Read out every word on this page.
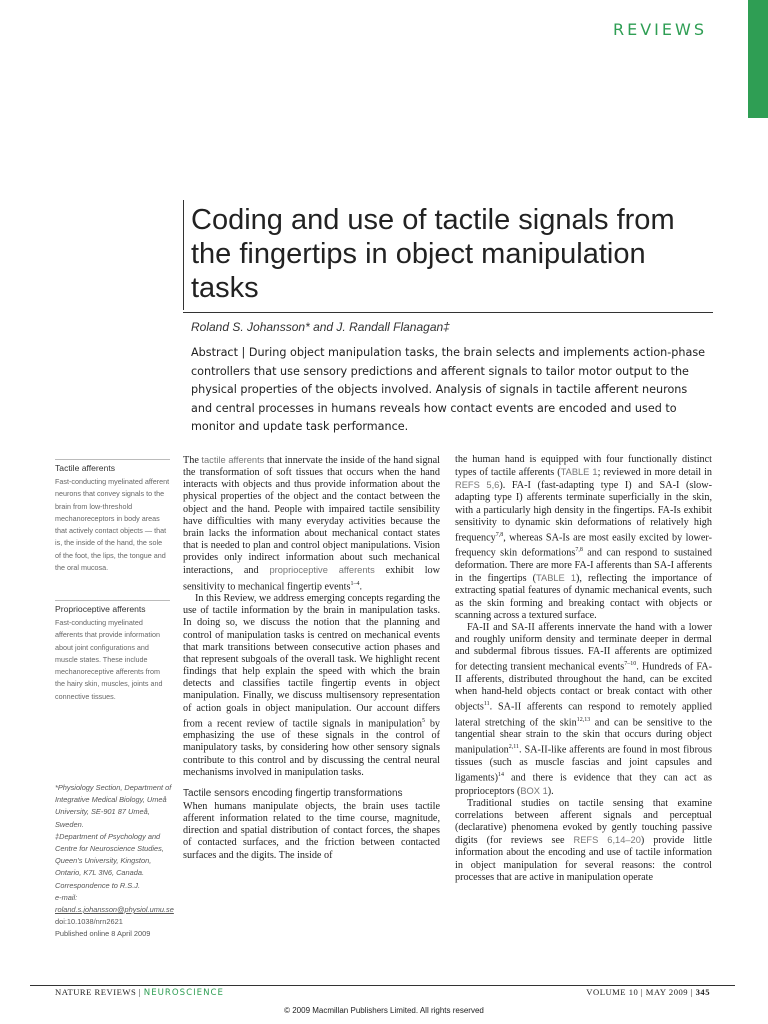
REVIEWS
Coding and use of tactile signals from the fingertips in object manipulation tasks
Roland S. Johansson* and J. Randall Flanagan‡
Abstract | During object manipulation tasks, the brain selects and implements action-phase controllers that use sensory predictions and afferent signals to tailor motor output to the physical properties of the objects involved. Analysis of signals in tactile afferent neurons and central processes in humans reveals how contact events are encoded and used to monitor and update task performance.
Tactile afferents
Fast-conducting myelinated afferent neurons that convey signals to the brain from low-threshold mechanoreceptors in body areas that actively contact objects — that is, the inside of the hand, the sole of the foot, the lips, the tongue and the oral mucosa.
Proprioceptive afferents
Fast-conducting myelinated afferents that provide information about joint configurations and muscle states. These include mechanoreceptive afferents from the hairy skin, muscles, joints and connective tissues.
*Physiology Section, Department of Integrative Medical Biology, Umeå University, SE-901 87 Umeå, Sweden.
‡Department of Psychology and Centre for Neuroscience Studies, Queen’s University, Kingston, Ontario, K7L 3N6, Canada.
Correspondence to R.S.J.
e-mail: roland.s.johansson@physiol.umu.se
doi:10.1038/nrn2621
Published online 8 April 2009

The tactile afferents that innervate the inside of the hand signal the transformation of soft tissues that occurs when the hand interacts with objects and thus provide information about the physical properties of the object and the contact between the object and the hand. People with impaired tactile sensibility have difficulties with many everyday activities because the brain lacks the information about mechanical contact states that is needed to plan and control object manipulations. Vision provides only indirect information about such mechanical interactions, and proprioceptive afferents exhibit low sensitivity to mechanical fingertip events$^{1-4}$.

In this Review, we address emerging concepts regarding the use of tactile information by the brain in manipulation tasks. In doing so, we discuss the notion that the planning and control of manipulation tasks is centred on mechanical events that mark transitions between consecutive action phases and that represent subgoals of the overall task. We highlight recent findings that help explain the speed with which the brain detects and classifies tactile fingertip events in object manipulation. Finally, we discuss multisensory representation of action goals in object manipulation. Our account differs from a recent review of tactile signals in manipulation$^5$ by emphasizing the use of these signals in the control of manipulatory tasks, by considering how other sensory signals contribute to this control and by discussing the central neural mechanisms involved in manipulation tasks.

Tactile sensors encoding fingertip transformations

When humans manipulate objects, the brain uses tactile afferent information related to the time course, magnitude, direction and spatial distribution of contact forces, the shapes of contacted surfaces, and the friction between contacted surfaces and the digits. The inside of

the human hand is equipped with four functionally distinct types of tactile afferents (TABLE 1; reviewed in more detail in REFS 5,6). FA-I (fast-adapting type I) and SA-I (slow-adapting type I) afferents terminate superficially in the skin, with a particularly high density in the fingertips. FA-Is exhibit sensitivity to dynamic skin deformations of relatively high frequency$^{7,8}$, whereas SA-Is are most easily excited by lower-frequency skin deformations$^{7,8}$ and can respond to sustained deformation. There are more FA-I afferents than SA-I afferents in the fingertips (TABLE 1), reflecting the importance of extracting spatial features of dynamic mechanical events, such as the skin forming and breaking contact with objects or scanning across a textured surface.

FA-II and SA-II afferents innervate the hand with a lower and roughly uniform density and terminate deeper in dermal and subdermal fibrous tissues. FA-II afferents are optimized for detecting transient mechanical events$^{7-10}$. Hundreds of FA-II afferents, distributed throughout the hand, can be excited when hand-held objects contact or break contact with other objects$^{11}$. SA-II afferents can respond to remotely applied lateral stretching of the skin$^{12,13}$ and can be sensitive to the tangential shear strain to the skin that occurs during object manipulation$^{2,11}$. SA-II-like afferents are found in most fibrous tissues (such as muscle fascias and joint capsules and ligaments)$^{14}$ and there is evidence that they can act as proprioceptors (BOX 1).

Traditional studies on tactile sensing that examine correlations between afferent signals and perceptual (declarative) phenomena evoked by gently touching passive digits (for reviews see REFS 6,14–20) provide little information about the encoding and use of tactile information in object manipulation for several reasons: the control processes that are active in manipulation operate

NATURE REVIEWS | NEUROSCIENCE	VOLUME 10 | MAY 2009 | 345
© 2009 Macmillan Publishers Limited. All rights reserved
